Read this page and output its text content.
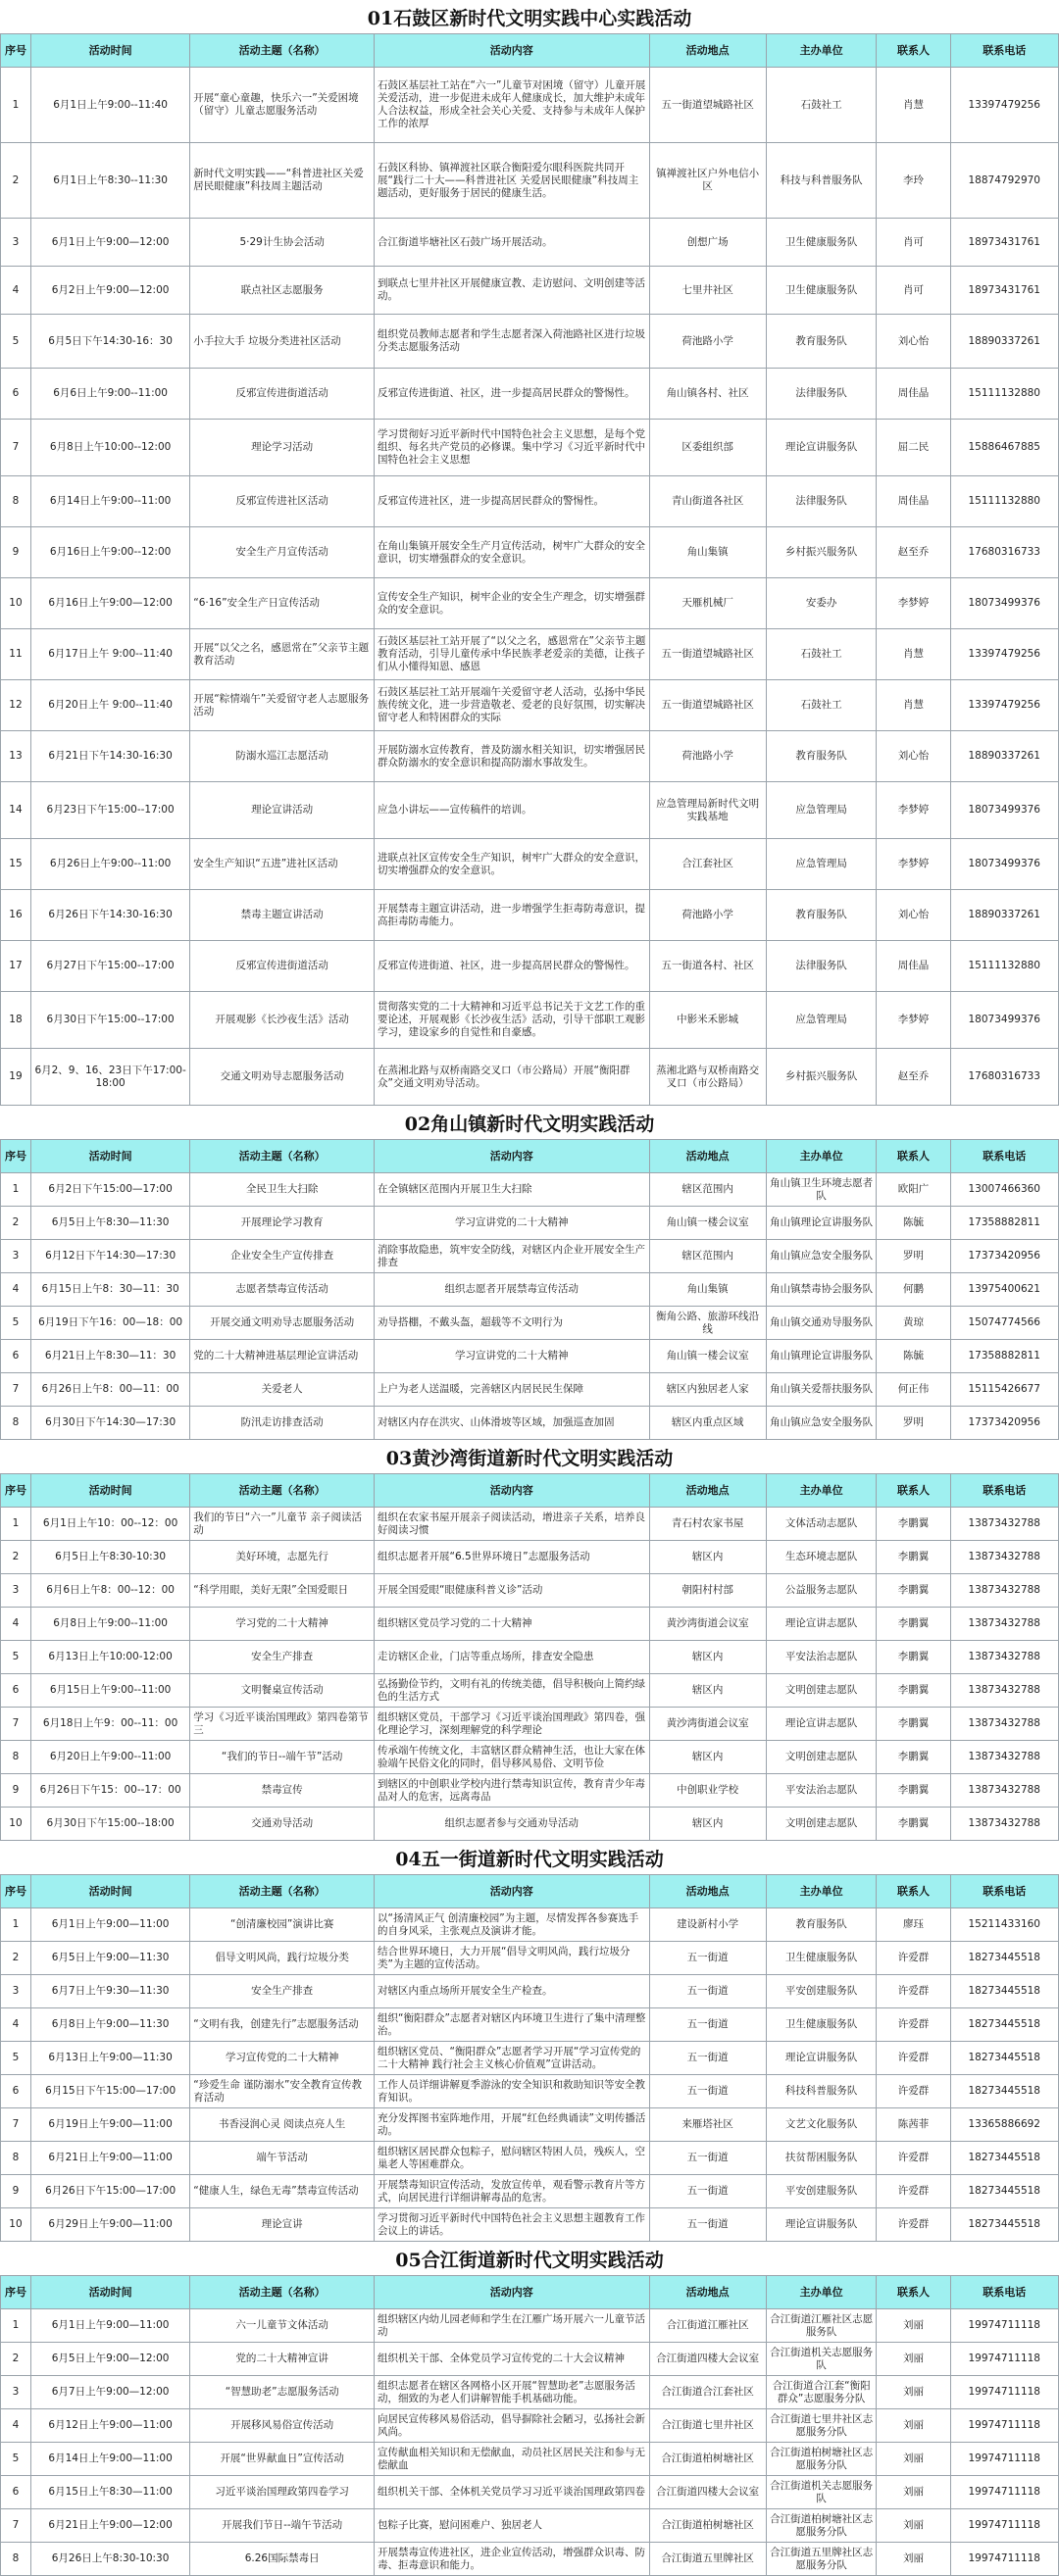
01石鼓区新时代文明实践中心实践活动
序号	活动时间	活动主题（名称）	活动内容	活动地点	主办单位	联系人	联系电话
1	6月1日上午9:00--11:40	开展“童心童趣，快乐六一”关爱困境（留守）儿童志愿服务活动	石鼓区基层社工站在“六一”儿童节对困境（留守）儿童开展关爱活动，进一步促进未成年人健康成长，加大维护未成年人合法权益，形成全社会关心关爱、支持参与未成年人保护工作的浓厚	五一街道望城路社区	石鼓社工	肖慧	13397479256
2	6月1日上午8:30--11:30	新时代文明实践——“科普进社区关爱居民眼健康”科技周主题活动	石鼓区科协、镇禅渡社区联合衡阳爱尔眼科医院共同开展“践行二十大——科普进社区 关爱居民眼健康”科技周主题活动，更好服务于居民的健康生活。	镇禅渡社区户外电信小区	科技与科普服务队	李玲	18874792970
3	6月1日上午9:00—12:00	5·29计生协会活动	合江街道毕塘社区石鼓广场开展活动。	创想广场	卫生健康服务队	肖可	18973431761
4	6月2日上午9:00—12:00	联点社区志愿服务	到联点七里井社区开展健康宣教、走访慰问、文明创建等活动。	七里井社区	卫生健康服务队	肖可	18973431761
5	6月5日下午14:30-16：30	小手拉大手 垃圾分类进社区活动	组织党员教师志愿者和学生志愿者深入荷池路社区进行垃圾分类志愿服务活动	荷池路小学	教育服务队	刘心怡	18890337261
6	6月6日上午9:00--11:00	反邪宣传进街道活动	反邪宣传进街道、社区，进一步提高居民群众的警惕性。	角山镇各村、社区	法律服务队	周佳晶	15111132880
7	6月8日上午10:00--12:00	理论学习活动	学习贯彻好习近平新时代中国特色社会主义思想，是每个党组织、每名共产党员的必修课。集中学习《习近平新时代中国特色社会主义思想	区委组织部	理论宣讲服务队	屈二民	15886467885
8	6月14日上午9:00--11:00	反邪宣传进社区活动	反邪宣传进社区，进一步提高居民群众的警惕性。	青山街道各社区	法律服务队	周佳晶	15111132880
9	6月16日上午9:00--12:00	安全生产月宣传活动	在角山集镇开展安全生产月宣传活动，树牢广大群众的安全意识，切实增强群众的安全意识。	角山集镇	乡村振兴服务队	赵至乔	17680316733
10	6月16日上午9:00—12:00	“6·16”安全生产日宣传活动	宣传安全生产知识，树牢企业的安全生产理念，切实增强群众的安全意识。	天雁机械厂	安委办	李梦婷	18073499376
11	6月17日上午 9:00--11:40	开展“以父之名，感恩常在”父亲节主题教育活动	石鼓区基层社工站开展了“以父之名，感恩常在”父亲节主题教育活动，引导儿童传承中华民族孝老爱亲的美德，让孩子们从小懂得知恩、感恩	五一街道望城路社区	石鼓社工	肖慧	13397479256
12	6月20日上午 9:00--11:40	开展“粽情端午”关爱留守老人志愿服务活动	石鼓区基层社工站开展端午关爱留守老人活动，弘扬中华民族传统文化，进一步营造敬老、爱老的良好氛围，切实解决留守老人和特困群众的实际	五一街道望城路社区	石鼓社工	肖慧	13397479256
13	6月21日下午14:30-16:30	防溺水巡江志愿活动	开展防溺水宣传教育，普及防溺水相关知识，切实增强居民群众防溺水的安全意识和提高防溺水事故发生。	荷池路小学	教育服务队	刘心怡	18890337261
14	6月23日下午15:00--17:00	理论宣讲活动	应急小讲坛——宣传稿件的培训。	应急管理局新时代文明实践基地	应急管理局	李梦婷	18073499376
15	6月26日上午9:00--11:00	安全生产知识“五进”进社区活动	进联点社区宣传安全生产知识，树牢广大群众的安全意识，切实增强群众的安全意识。	合江套社区	应急管理局	李梦婷	18073499376
16	6月26日下午14:30-16:30	禁毒主题宣讲活动	开展禁毒主题宣讲活动，进一步增强学生拒毒防毒意识，提高拒毒防毒能力。	荷池路小学	教育服务队	刘心怡	18890337261
17	6月27日下午15:00--17:00	反邪宣传进街道活动	反邪宣传进街道、社区，进一步提高居民群众的警惕性。	五一街道各村、社区	法律服务队	周佳晶	15111132880
18	6月30日下午15:00--17:00	开展观影《长沙夜生活》活动	贯彻落实党的二十大精神和习近平总书记关于文艺工作的重要论述，开展观影《长沙夜生活》活动，引导干部职工观影学习，建设家乡的自觉性和自豪感。	中影米禾影城	应急管理局	李梦婷	18073499376
19	6月2、9、16、23日下午17:00-18:00	交通文明劝导志愿服务活动	在蒸湘北路与双桥南路交叉口（市公路局）开展“衡阳群众”交通文明劝导活动。	蒸湘北路与双桥南路交叉口（市公路局）	乡村振兴服务队	赵至乔	17680316733
02角山镇新时代文明实践活动
序号	活动时间	活动主题（名称）	活动内容	活动地点	主办单位	联系人	联系电话
1	6月2日下午15:00—17:00	全民卫生大扫除	在全镇辖区范围内开展卫生大扫除	辖区范围内	角山镇卫生环境志愿者队	欧阳广	13007466360
2	6月5日上午8:30—11:30	开展理论学习教育	学习宣讲党的二十大精神	角山镇一楼会议室	角山镇理论宣讲服务队	陈毓	17358882811
3	6月12日下午14:30—17:30	企业安全生产宣传排查	消除事故隐患，筑牢安全防线，对辖区内企业开展安全生产排查	辖区范围内	角山镇应急安全服务队	罗明	17373420956
4	6月15日上午8：30—11：30	志愿者禁毒宣传活动	组织志愿者开展禁毒宣传活动	角山集镇	角山镇禁毒协会服务队	何鹏	13975400621
5	6月19日下午16：00—18：00	开展交通文明劝导志愿服务活动	劝导搭棚，不戴头盔，超载等不文明行为	衡角公路、旅游环线沿线	角山镇交通劝导服务队	黄琼	15074774566
6	6月21日上午8:30—11：30	党的二十大精神进基层理论宣讲活动	学习宣讲党的二十大精神	角山镇一楼会议室	角山镇理论宣讲服务队	陈毓	17358882811
7	6月26日上午8：00—11：00	关爱老人	上户为老人送温暖，完善辖区内居民民生保障	辖区内独居老人家	角山镇关爱帮扶服务队	何正伟	15115426677
8	6月30日下午14:30—17:30	防汛走访排查活动	对辖区内存在洪灾、山体滑坡等区域，加强巡查加固	辖区内重点区域	角山镇应急安全服务队	罗明	17373420956
03黄沙湾街道新时代文明实践活动
序号	活动时间	活动主题（名称）	活动内容	活动地点	主办单位	联系人	联系电话
1	6月1日上午10：00--12：00	我们的节日“六一”儿童节 亲子阅读活动	组织在农家书屋开展亲子阅读活动，增进亲子关系，培养良好阅读习惯	青石村农家书屋	文体活动志愿队	李鹏翼	13873432788
2	6月5日上午8:30-10:30	美好环境，志愿先行	组织志愿者开展“6.5世界环境日”志愿服务活动	辖区内	生态环境志愿队	李鹏翼	13873432788
3	6月6日上午8：00--12：00	“科学用眼，美好无限”全国爱眼日	开展全国爱眼“眼健康科普义诊”活动	朝阳村村部	公益服务志愿队	李鹏翼	13873432788
4	6月8日上午9:00--11:00	学习党的二十大精神	组织辖区党员学习党的二十大精神	黄沙湾街道会议室	理论宣讲志愿队	李鹏翼	13873432788
5	6月13日上午10:00-12:00	安全生产排查	走访辖区企业，门店等重点场所，排查安全隐患	辖区内	平安法治志愿队	李鹏翼	13873432788
6	6月15日上午9:00--11:00	文明餐桌宣传活动	弘扬勤俭节约，文明有礼的传统美德，倡导积极向上简约绿色的生活方式	辖区内	文明创建志愿队	李鹏翼	13873432788
7	6月18日上午9：00--11：00	学习《习近平谈治国理政》第四卷第节三	组织辖区党员，干部学习《习近平谈治国理政》第四卷，强化理论学习，深刻理解党的科学理论	黄沙湾街道会议室	理论宣讲志愿队	李鹏翼	13873432788
8	6月20日上午9:00--11:00	“我们的节日--端午节”活动	传承端午传统文化，丰富辖区群众精神生活，也让大家在体验端午民俗文化的同时，倡导移风易俗、文明节俭	辖区内	文明创建志愿队	李鹏翼	13873432788
9	6月26日下午15：00--17：00	禁毒宣传	到辖区的中创职业学校内进行禁毒知识宣传，教育青少年毒品对人的危害，远离毒品	中创职业学校	平安法治志愿队	李鹏翼	13873432788
10	6月30日下午15:00--18:00	交通劝导活动	组织志愿者参与交通劝导活动	辖区内	文明创建志愿队	李鹏翼	13873432788
04五一街道新时代文明实践活动
序号	活动时间	活动主题（名称）	活动内容	活动地点	主办单位	联系人	联系电话
1	6月1日上午9:00—11:00	“创清廉校园”演讲比赛	以“扬清风正气 创清廉校园”为主题，尽情发挥各参赛选手的自身风采，主张观点及演讲才能。	建设新村小学	教育服务队	廖珏	15211433160
2	6月5日上午9:00—11:30	倡导文明风尚，践行垃圾分类	结合世界环境日，大力开展“倡导文明风尚，践行垃圾分类”为主题的宣传活动。	五一街道	卫生健康服务队	许爱群	18273445518
3	6月7日上午9:30—11:30	安全生产排查	对辖区内重点场所开展安全生产检查。	五一街道	平安创建服务队	许爱群	18273445518
4	6月8日上午9:00—11:30	“文明有我，创建先行”志愿服务活动	组织“衡阳群众”志愿者对辖区内环境卫生进行了集中清理整治。	五一街道	卫生健康服务队	许爱群	18273445518
5	6月13日上午9:00—11:30	学习宣传党的二十大精神	组织辖区党员、“衡阳群众”志愿者学习开展“学习宣传党的二十大精神 践行社会主义核心价值观”宣讲活动。	五一街道	理论宣讲服务队	许爱群	18273445518
6	6月15日下午15:00—17:00	“珍爱生命 谨防溺水”安全教育宣传教育活动	工作人员详细讲解夏季游泳的安全知识和救助知识等安全教育知识。	五一街道	科技科普服务队	许爱群	18273445518
7	6月19日上午9:00—11:00	书香浸润心灵 阅读点亮人生	充分发挥图书室阵地作用，开展“红色经典诵读”文明传播活动。	来雁塔社区	文艺文化服务队	陈茜菲	13365886692
8	6月21日上午9:00—11:00	端午节活动	组织辖区居民群众包粽子，慰问辖区特困人员，残疾人，空巢老人等困难群众。	五一街道	扶贫帮困服务队	许爱群	18273445518
9	6月26日下午15:00—17:00	“健康人生，绿色无毒”禁毒宣传活动	开展禁毒知识宣传活动，发放宣传单，观看警示教育片等方式，向居民进行详细讲解毒品的危害。	五一街道	平安创建服务队	许爱群	18273445518
10	6月29日上午9:00—11:00	理论宣讲	学习贯彻习近平新时代中国特色社会主义思想主题教育工作会议上的讲话。	五一街道	理论宣讲服务队	许爱群	18273445518
05合江街道新时代文明实践活动
序号	活动时间	活动主题（名称）	活动内容	活动地点	主办单位	联系人	联系电话
1	6月1日上午9:00—11:00	六一儿童节文体活动	组织辖区内幼儿园老师和学生在江雁广场开展六一儿童节活动	合江街道江雁社区	合江街道江雁社区志愿服务队	刘丽	19974711118
2	6月5日上午9:00—12:00	党的二十大精神宣讲	组织机关干部、全体党员学习宣传党的二十大会议精神	合江街道四楼大会议室	合江街道机关志愿服务队	刘丽	19974711118
3	6月7日上午9:00—12:00	“智慧助老”志愿服务活动	组织志愿者在辖区各网格小区开展“智慧助老”志愿服务活动，细致的为老人们讲解智能手机基础功能。	合江街道合江套社区	合江街道合江套“衡阳群众”志愿服务分队	刘丽	19974711118
4	6月12日上午9:00—11:00	开展移风易俗宣传活动	向居民宣传移风易俗活动，倡导摒除社会陋习，弘扬社会新风尚。	合江街道七里井社区	合江街道七里井社区志愿服务分队	刘丽	19974711118
5	6月14日上午9:00—11:00	开展“世界献血日”宣传活动	宣传献血相关知识和无偿献血，动员社区居民关注和参与无偿献血	合江街道柏树塘社区	合江街道柏树塘社区志愿服务分队	刘丽	19974711118
6	6月15日上午8:30—11:00	习近平谈治国理政第四卷学习	组织机关干部、全体机关党员学习习近平谈治国理政第四卷	合江街道四楼大会议室	合江街道机关志愿服务队	刘丽	19974711118
7	6月21日上午9:00—12:00	开展我们节日--端午节活动	包粽子比赛，慰问困难户、独居老人	合江街道柏树塘社区	合江街道柏树塘社区志愿服务分队	刘丽	19974711118
8	6月26日上午8:30-10:30	6.26国际禁毒日	开展禁毒宣传进社区，进企业宣传活动，增强群众识毒、防毒、拒毒意识和能力。	合江街道五里牌社区	合江街道五里牌社区志愿服务分队	刘丽	19974711118
